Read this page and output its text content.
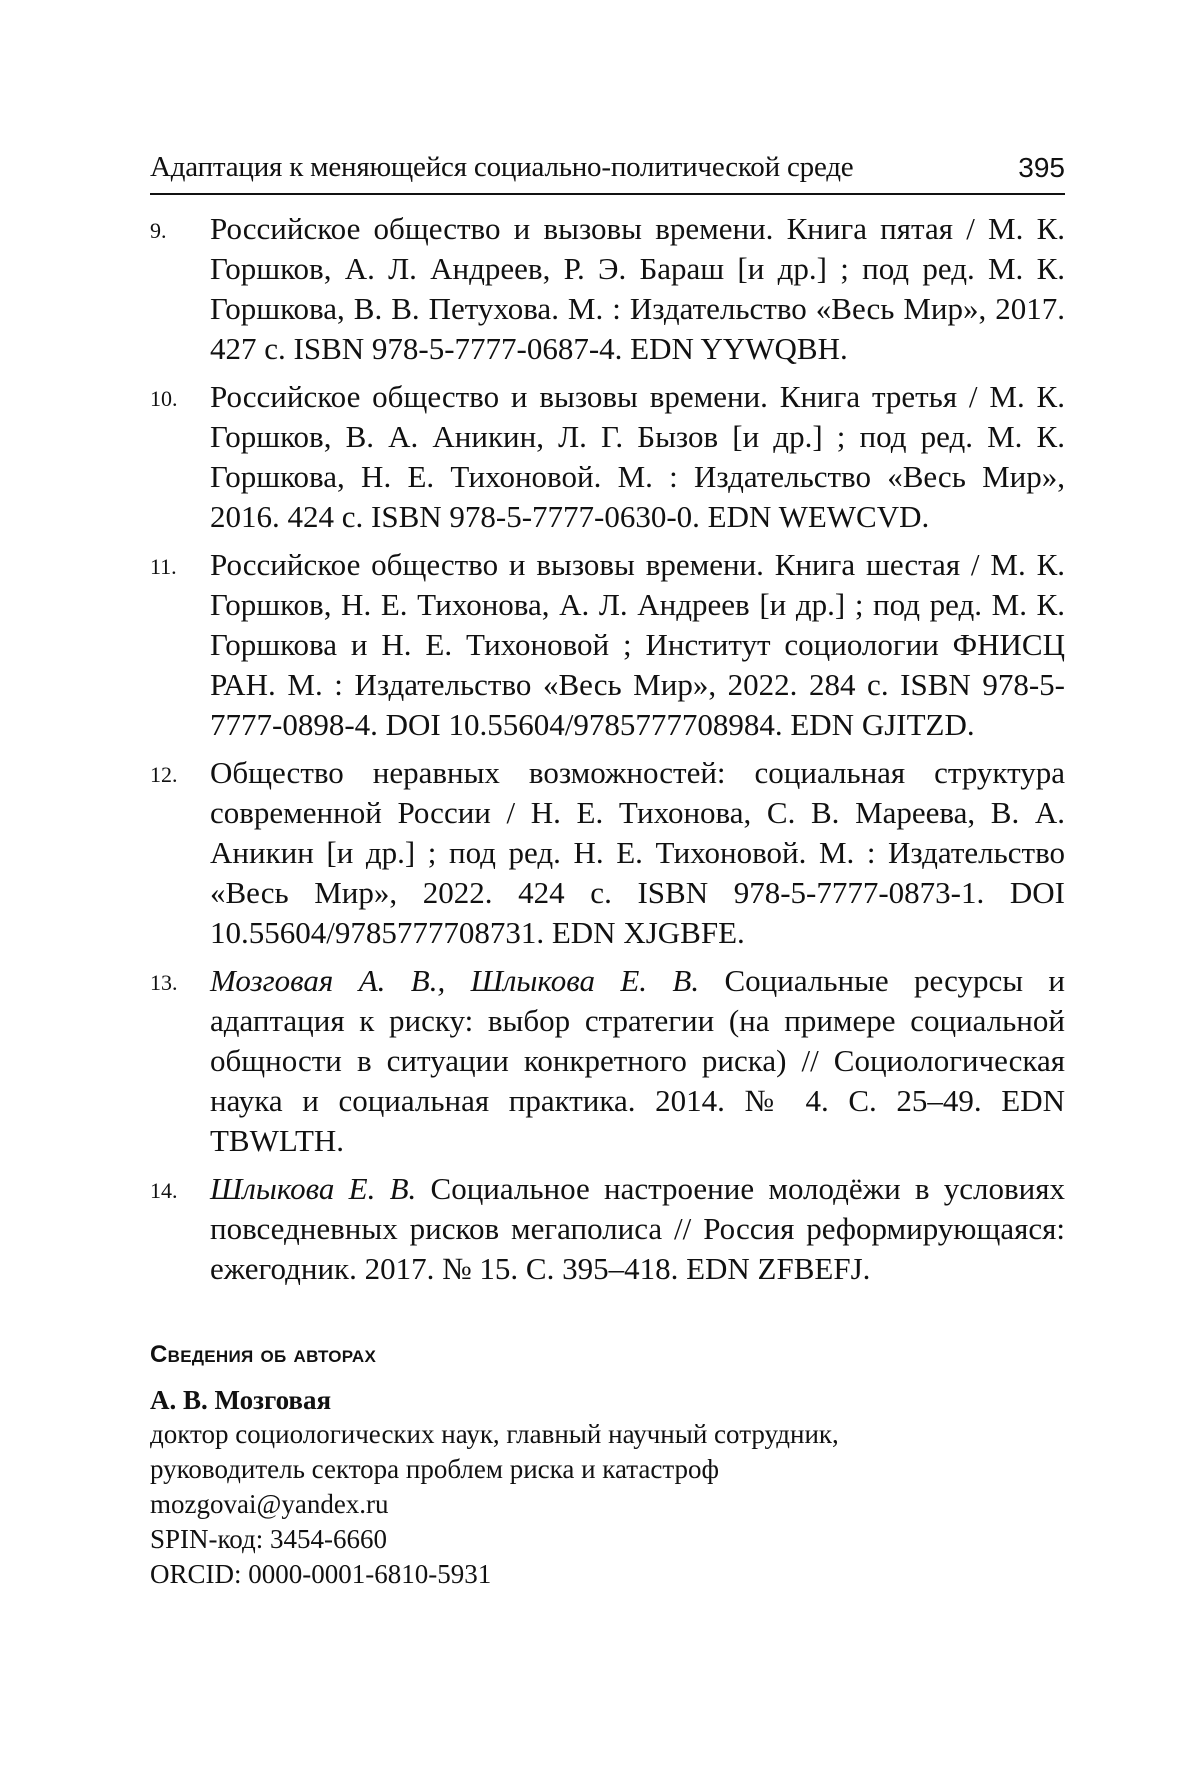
Адаптация к меняющейся социально-политической среде	395
9. Российское общество и вызовы времени. Книга пятая / М. К. Горшков, А. Л. Андреев, Р. Э. Бараш [и др.] ; под ред. М. К. Горшкова, В. В. Петухова. М. : Издательство «Весь Мир», 2017. 427 с. ISBN 978-5-7777-0687-4. EDN YYWQBH.
10. Российское общество и вызовы времени. Книга третья / М. К. Горшков, В. А. Аникин, Л. Г. Бызов [и др.] ; под ред. М. К. Горшкова, Н. Е. Тихоновой. М. : Издательство «Весь Мир», 2016. 424 с. ISBN 978-5-7777-0630-0. EDN WEWCVD.
11. Российское общество и вызовы времени. Книга шестая / М. К. Горшков, Н. Е. Тихонова, А. Л. Андреев [и др.] ; под ред. М. К. Горшкова и Н. Е. Тихоновой ; Институт социологии ФНИСЦ РАН. М. : Издательство «Весь Мир», 2022. 284 с. ISBN 978-5-7777-0898-4. DOI 10.55604/9785777708984. EDN GJITZD.
12. Общество неравных возможностей: социальная структура современной России / Н. Е. Тихонова, С. В. Мареева, В. А. Аникин [и др.] ; под ред. Н. Е. Тихоновой. М. : Издательство «Весь Мир», 2022. 424 с. ISBN 978-5-7777-0873-1. DOI 10.55604/9785777708731. EDN XJGBFE.
13. Мозговая А. В., Шлыкова Е. В. Социальные ресурсы и адаптация к риску: выбор стратегии (на примере социальной общности в ситуации конкретного риска) // Социологическая наука и социальная практика. 2014. № 4. С. 25–49. EDN TBWLTH.
14. Шлыкова Е. В. Социальное настроение молодёжи в условиях повседневных рисков мегаполиса // Россия реформирующаяся: ежегодник. 2017. № 15. С. 395–418. EDN ZFBEFJ.
Сведения об авторах
А. В. Мозговая
доктор социологических наук, главный научный сотрудник,
руководитель сектора проблем риска и катастроф
mozgovai@yandex.ru
SPIN-код: 3454-6660
ORCID: 0000-0001-6810-5931
